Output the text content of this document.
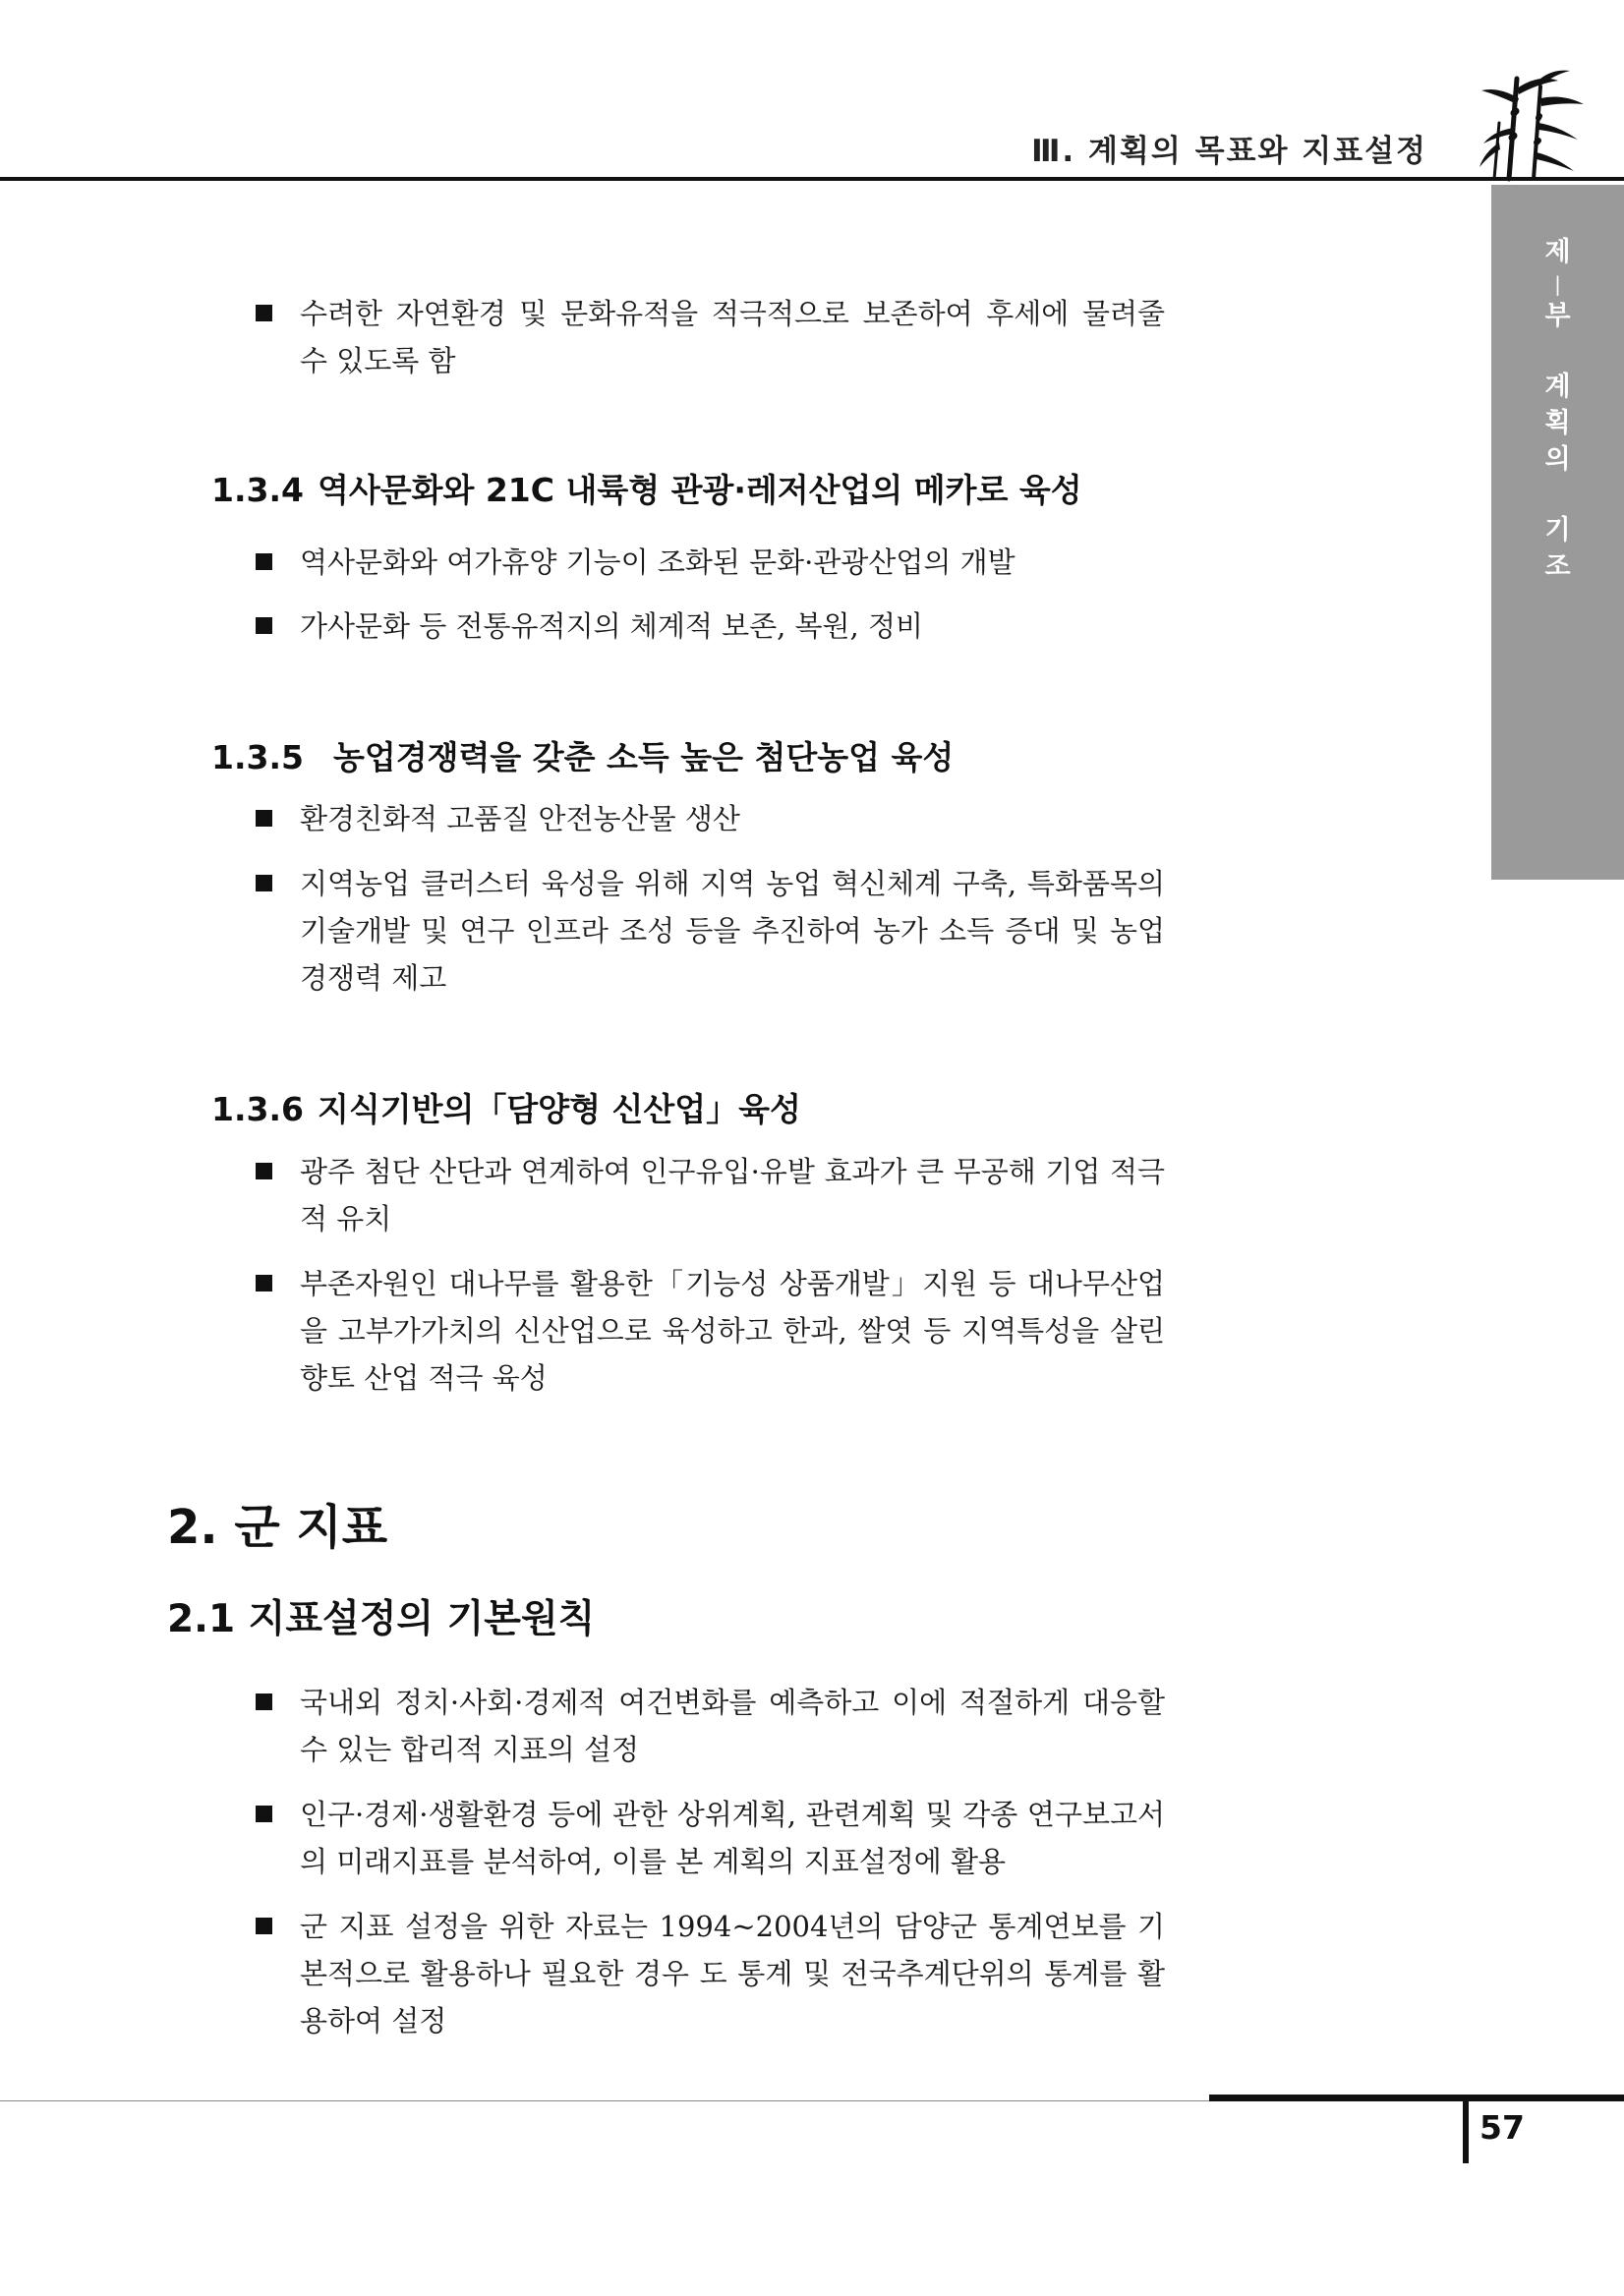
Ⅲ. 계획의 목표와 지표설정
제
|
부
계
획
의
기
조
수려한 자연환경 및 문화유적을 적극적으로 보존하여 후세에 물려줄 수 있도록 함
1.3.4 역사문화와 21C 내륙형 관광·레저산업의 메카로 육성
역사문화와 여가휴양 기능이 조화된 문화·관광산업의 개발
가사문화 등 전통유적지의 체계적 보존, 복원, 정비
1.3.5 농업경쟁력을 갖춘 소득 높은 첨단농업 육성
환경친화적 고품질 안전농산물 생산
지역농업 클러스터 육성을 위해 지역 농업 혁신체계 구축, 특화품목의 기술개발 및 연구 인프라 조성 등을 추진하여 농가 소득 증대 및 농업 경쟁력 제고
1.3.6 지식기반의「담양형 신산업」육성
광주 첨단 산단과 연계하여 인구유입·유발 효과가 큰 무공해 기업 적극적 유치
부존자원인 대나무를 활용한「기능성 상품개발」지원 등 대나무산업을 고부가가치의 신산업으로 육성하고 한과, 쌀엿 등 지역특성을 살린 향토 산업 적극 육성
2. 군 지표
2.1 지표설정의 기본원칙
국내외 정치·사회·경제적 여건변화를 예측하고 이에 적절하게 대응할 수 있는 합리적 지표의 설정
인구·경제·생활환경 등에 관한 상위계획, 관련계획 및 각종 연구보고서의 미래지표를 분석하여, 이를 본 계획의 지표설정에 활용
군 지표 설정을 위한 자료는 1994~2004년의 담양군 통계연보를 기본적으로 활용하나 필요한 경우 도 통계 및 전국추계단위의 통계를 활용하여 설정
57
